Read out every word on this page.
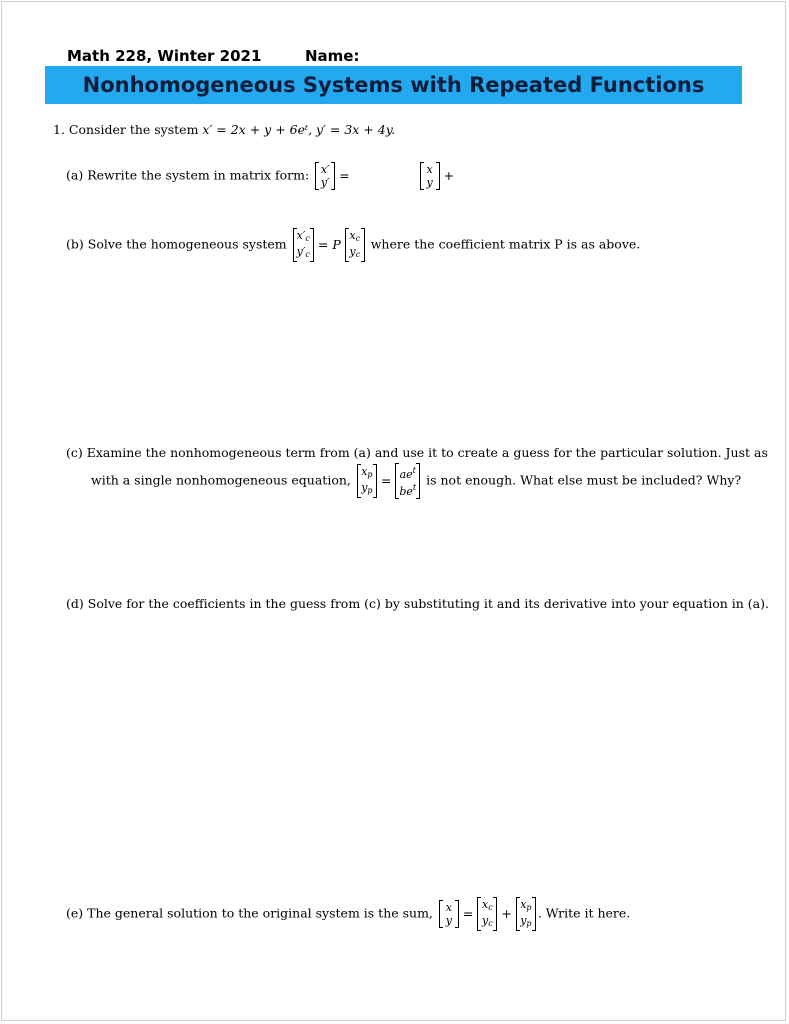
Math 228, Winter 2021	Name:
Nonhomogeneous Systems with Repeated Functions
1. Consider the system x′ = 2x + y + 6eᵗ, y′ = 3x + 4y.
(a) Rewrite the system in matrix form: x′
y′ =	x
y +
(b) Solve the homogeneous system
$x'_c$
$y'_c$
= P
$x_c$
$y_c$
where the coefficient matrix P is as above.
(c) Examine the nonhomogeneous term from (a) and use it to create a guess for the particular solution. Just as
with a single nonhomogeneous equation,
$x_p$
$y_p$
= $ae^t$
$be^t$ is not enough. What else must be included? Why?
(d) Solve for the coefficients in the guess from (c) by substituting it and its derivative into your equation in (a).
(e) The general solution to the original system is the sum, x
y =
$x_c$
$y_c$
+
$x_p$
$y_p$
. Write it here.
